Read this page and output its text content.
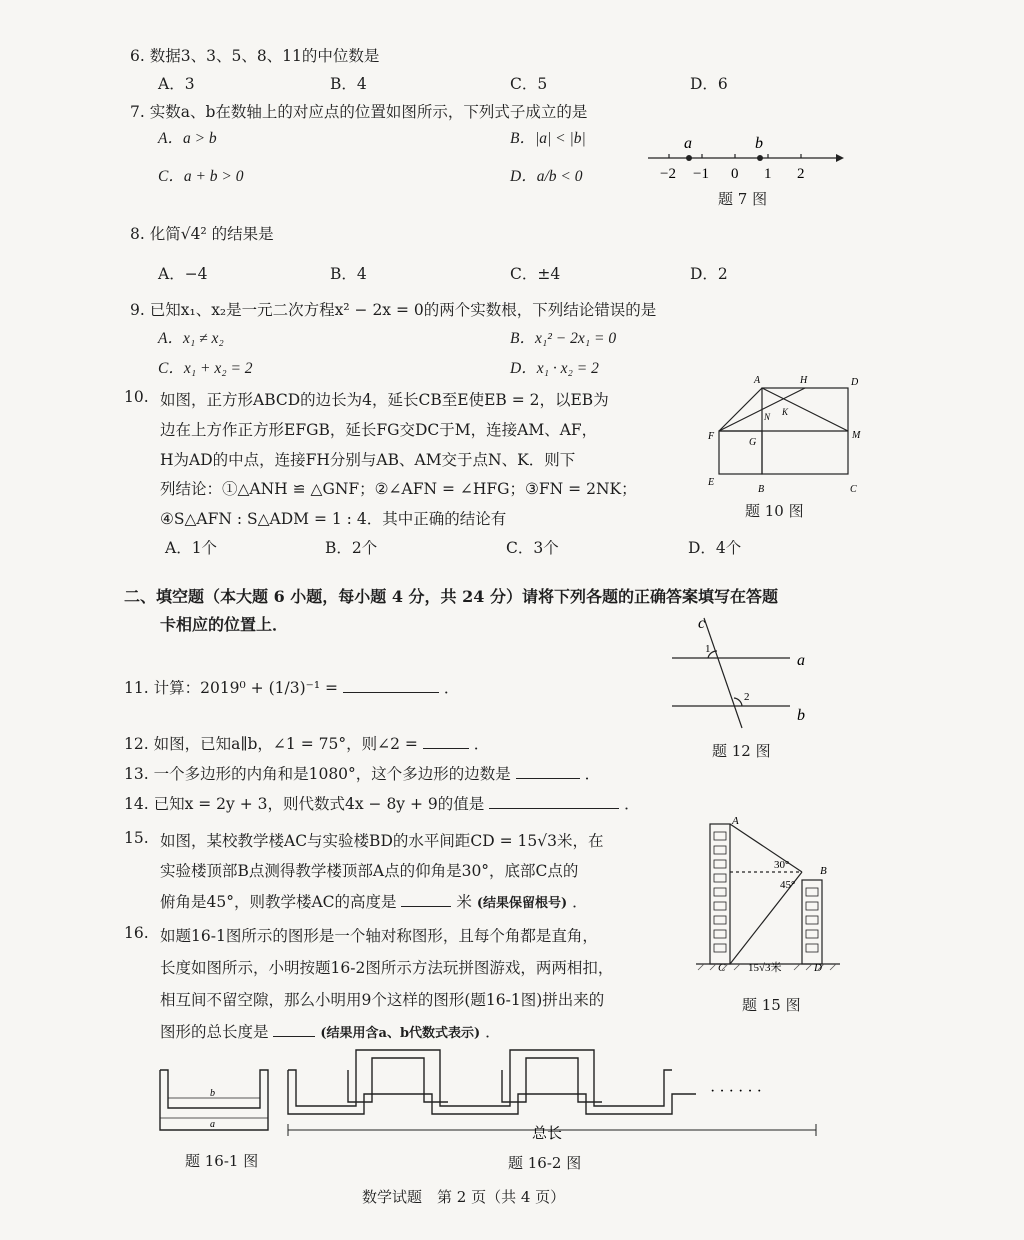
6. 数据3、3、5、8、11的中位数是
A．3	B．4	C．5	D．6
7. 实数a、b在数轴上的对应点的位置如图所示，下列式子成立的是
A．a > b	B．|a| < |b|
C．a + b > 0	D．a/b < 0
a	b
−2 −1 0 1 2
题 7 图
8. 化简√4² 的结果是
A．−4	B．4	C．±4	D．2
9. 已知x₁、x₂是一元二次方程x² − 2x = 0的两个实数根，下列结论错误的是
A．x₁ ≠ x₂	B．x₁² − 2x₁ = 0
C．x₁ + x₂ = 2	D．x₁ · x₂ = 2
10. 如图，正方形ABCD的边长为4，延长CB至E使EB = 2，以EB为
边在上方作正方形EFGB，延长FG交DC于M，连接AM、AF，
H为AD的中点，连接FH分别与AB、AM交于点N、K．则下
列结论：①△ANH ≌ △GNF；②∠AFN = ∠HFG；③FN = 2NK；
④S△AFN : S△ADM = 1 : 4．其中正确的结论有
A．1个	B．2个	C．3个	D．4个
A	H	D
N K
F
G
M
E
B	C
题 10 图
二、填空题（本大题 6 小题，每小题 4 分，共 24 分）请将下列各题的正确答案填写在答题
卡相应的位置上．
11. 计算：2019⁰ + (1/3)⁻¹ =	．
c
1
a
2
b
题 12 图
12. 如图，已知a∥b，∠1 = 75°，则∠2 =	．
13. 一个多边形的内角和是1080°，这个多边形的边数是	．
14. 已知x = 2y + 3，则代数式4x − 8y + 9的值是	．
15. 如图，某校教学楼AC与实验楼BD的水平间距CD = 15√3米，在
实验楼顶部B点测得教学楼顶部A点的仰角是30°，底部C点的
俯角是45°，则教学楼AC的高度是	米 (结果保留根号) ．
A
30°	B
45°
C 15√3米	D
题 15 图
16. 如题16-1图所示的图形是一个轴对称图形，且每个角都是直角，
长度如图所示，小明按题16-2图所示方法玩拼图游戏，两两相扣，
相互间不留空隙，那么小明用9个这样的图形(题16-1图)拼出来的
图形的总长度是	(结果用含a、b代数式表示) ．
b
a
题 16-1 图
· · · · · ·
总长
题 16-2 图
数学试题　第 2 页（共 4 页）
